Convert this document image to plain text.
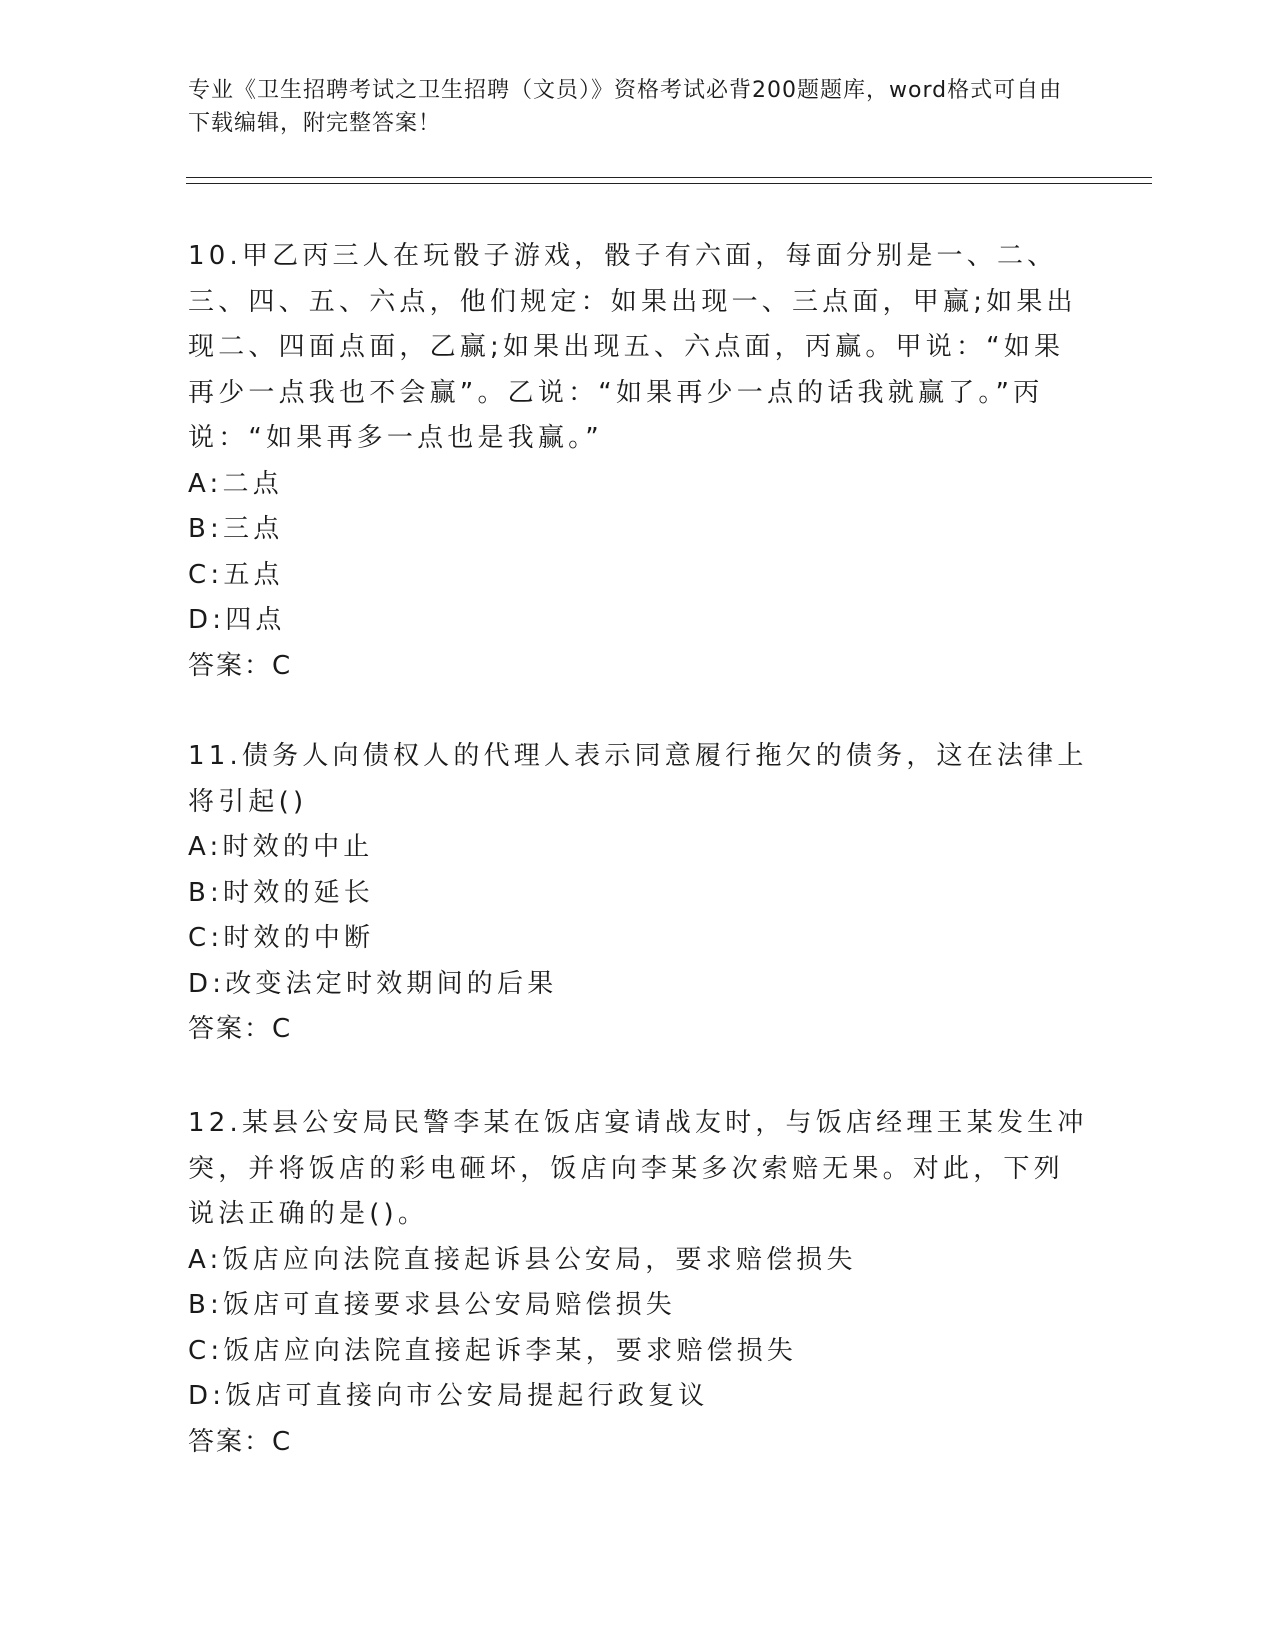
专业《卫生招聘考试之卫生招聘（文员）》资格考试必背200题题库，word格式可自由下载编辑，附完整答案！

10.甲乙丙三人在玩骰子游戏，骰子有六面，每面分别是一、二、三、四、五、六点，他们规定：如果出现一、三点面，甲赢;如果出现二、四面点面，乙赢;如果出现五、六点面，丙赢。甲说：“如果再少一点我也不会赢”。乙说：“如果再少一点的话我就赢了。”丙说：“如果再多一点也是我赢。”

A:二点

B:三点

C:五点

D:四点

答案：C

11.债务人向债权人的代理人表示同意履行拖欠的债务，这在法律上将引起()

A:时效的中止

B:时效的延长

C:时效的中断

D:改变法定时效期间的后果

答案：C

12.某县公安局民警李某在饭店宴请战友时，与饭店经理王某发生冲突，并将饭店的彩电砸坏，饭店向李某多次索赔无果。对此，下列说法正确的是()。

A:饭店应向法院直接起诉县公安局，要求赔偿损失

B:饭店可直接要求县公安局赔偿损失

C:饭店应向法院直接起诉李某，要求赔偿损失

D:饭店可直接向市公安局提起行政复议

答案：C
